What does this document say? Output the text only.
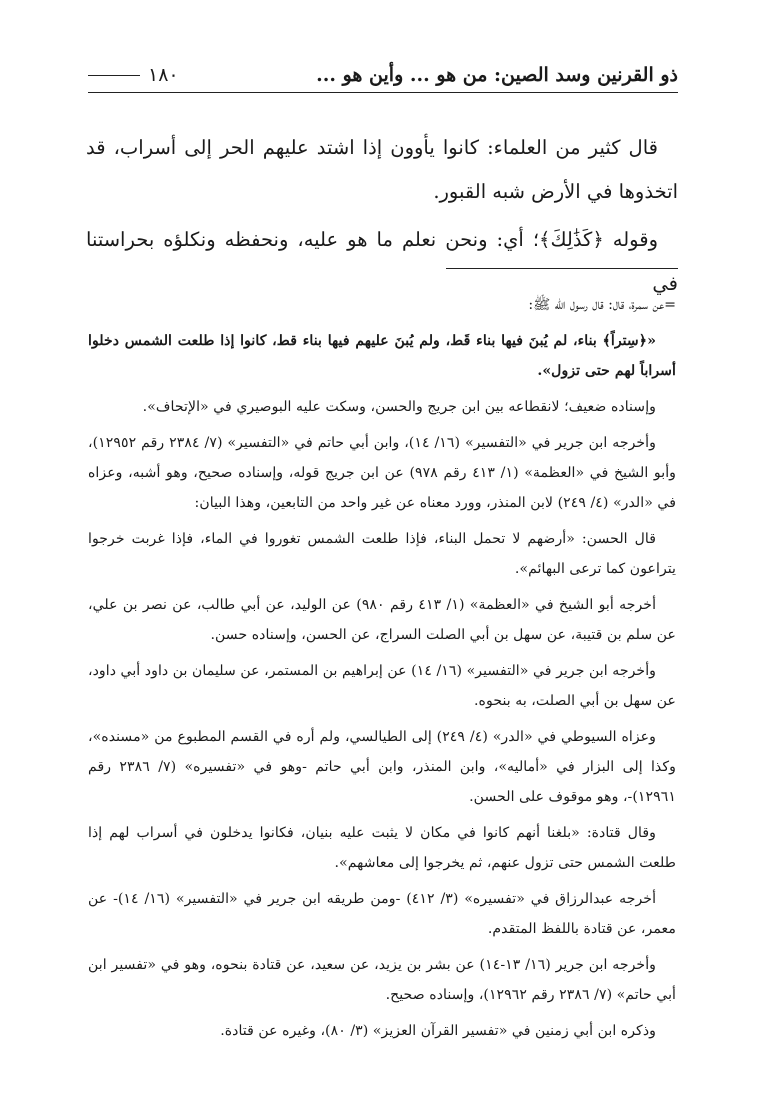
ذو القرنين وسد الصين: من هو ... وأين هو ...
١٨٠

قال كثير من العلماء: كانوا يأوون إذا اشتد عليهم الحر إلى أسراب، قد اتخذوها في الأرض شبه القبور.

وقوله ﴿كَذَٰلِكَ﴾؛ أي: ونحن نعلم ما هو عليه، ونحفظه ونكلؤه بحراستنا في

=عن سمرة، قال: قال رسول الله ﷺ:

«﴿سِتراً﴾ بناء، لم يُبنَ فيها بناء قَط، ولم يُبنَ عليهم فيها بناء قط، كانوا إذا طلعت الشمس دخلوا أسراباً لهم حتى تزول».

وإسناده ضعيف؛ لانقطاعه بين ابن جريج والحسن، وسكت عليه البوصيري في «الإتحاف».

وأخرجه ابن جرير في «التفسير» (١٦/ ١٤)، وابن أبي حاتم في «التفسير» (٧/ ٢٣٨٤ رقم ١٢٩٥٢)، وأبو الشيخ في «العظمة» (١/ ٤١٣ رقم ٩٧٨) عن ابن جريج قوله، وإسناده صحيح، وهو أشبه، وعزاه في «الدر» (٤/ ٢٤٩) لابن المنذر، وورد معناه عن غير واحد من التابعين، وهذا البيان:

قال الحسن: «أرضهم لا تحمل البناء، فإذا طلعت الشمس تغوروا في الماء، فإذا غربت خرجوا يتراعون كما ترعى البهائم».

أخرجه أبو الشيخ في «العظمة» (١/ ٤١٣ رقم ٩٨٠) عن الوليد، عن أبي طالب، عن نصر بن علي، عن سلم بن قتيبة، عن سهل بن أبي الصلت السراج، عن الحسن، وإسناده حسن.

وأخرجه ابن جرير في «التفسير» (١٦/ ١٤) عن إبراهيم بن المستمر، عن سليمان بن داود أبي داود، عن سهل بن أبي الصلت، به بنحوه.

وعزاه السيوطي في «الدر» (٤/ ٢٤٩) إلى الطيالسي، ولم أره في القسم المطبوع من «مسنده»، وكذا إلى البزار في «أماليه»، وابن المنذر، وابن أبي حاتم -وهو في «تفسيره» (٧/ ٢٣٨٦ رقم ١٢٩٦١)-، وهو موقوف على الحسن.

وقال قتادة: «بلغنا أنهم كانوا في مكان لا يثبت عليه بنيان، فكانوا يدخلون في أسراب لهم إذا طلعت الشمس حتى تزول عنهم، ثم يخرجوا إلى معاشهم».

أخرجه عبدالرزاق في «تفسيره» (٣/ ٤١٢) -ومن طريقه ابن جرير في «التفسير» (١٦/ ١٤)- عن معمر، عن قتادة باللفظ المتقدم.

وأخرجه ابن جرير (١٦/ ١٣-١٤) عن بشر بن يزيد، عن سعيد، عن قتادة بنحوه، وهو في «تفسير ابن أبي حاتم» (٧/ ٢٣٨٦ رقم ١٢٩٦٢)، وإسناده صحيح.

وذكره ابن أبي زمنين في «تفسير القرآن العزيز» (٣/ ٨٠)، وغيره عن قتادة.
